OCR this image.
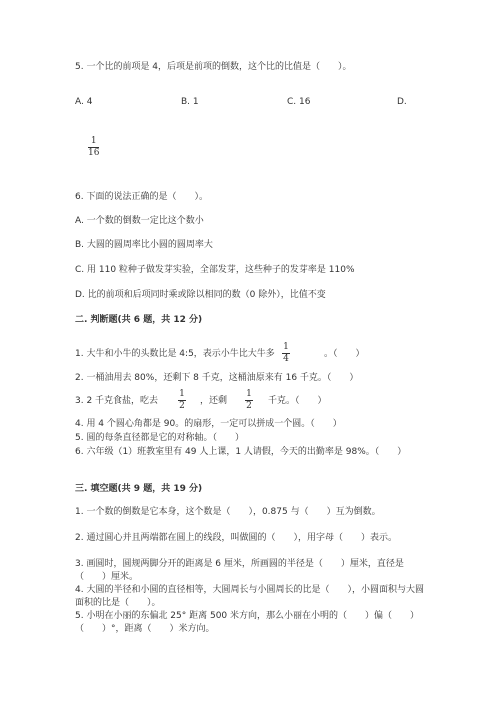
5. 一个比的前项是 4，后项是前项的倒数，这个比的比值是（　　）。
A. 4	B. 1	C. 16	D.
1
16
6. 下面的说法正确的是（　　）。
A. 一个数的倒数一定比这个数小
B. 大圆的圆周率比小圆的圆周率大
C. 用 110 粒种子做发芽实验，全部发芽，这些种子的发芽率是 110%
D. 比的前项和后项同时乘或除以相同的数（0 除外），比值不变
二. 判断题(共 6 题，共 12 分)
1. 大牛和小牛的头数比是 4:5，表示小牛比大牛多
1
4
。（　　）
2. 一桶油用去 80%，还剩下 8 千克，这桶油原来有 16 千克。（　　）
3. 2 千克食盐，吃去
1
2
，还剩
1
2
千克。（　　）
4. 用 4 个圆心角都是 90。的扇形，一定可以拼成一个圆。（　　）
5. 圆的每条直径都是它的对称轴。（　　）
6. 六年级（1）班教室里有 49 人上课，1 人请假，今天的出勤率是 98%。（　　）
三. 填空题(共 9 题，共 19 分)
1. 一个数的倒数是它本身，这个数是（　　），0.875 与（　　）互为倒数。
2. 通过圆心并且两端都在圆上的线段，叫做圆的（　　），用字母（　　）表示。
3. 画圆时，圆规两脚分开的距离是 6 厘米，所画圆的半径是（　　）厘米，直径是（　　）厘米。
4. 大圆的半径和小圆的直径相等，大圆周长与小圆周长的比是（　　），小圆面积与大圆面积的比是（　　）。
5. 小明在小丽的东偏北 25° 距离 500 米方向，那么小丽在小明的（　　）偏（　　）（　　）°，距离（　　）米方向。
